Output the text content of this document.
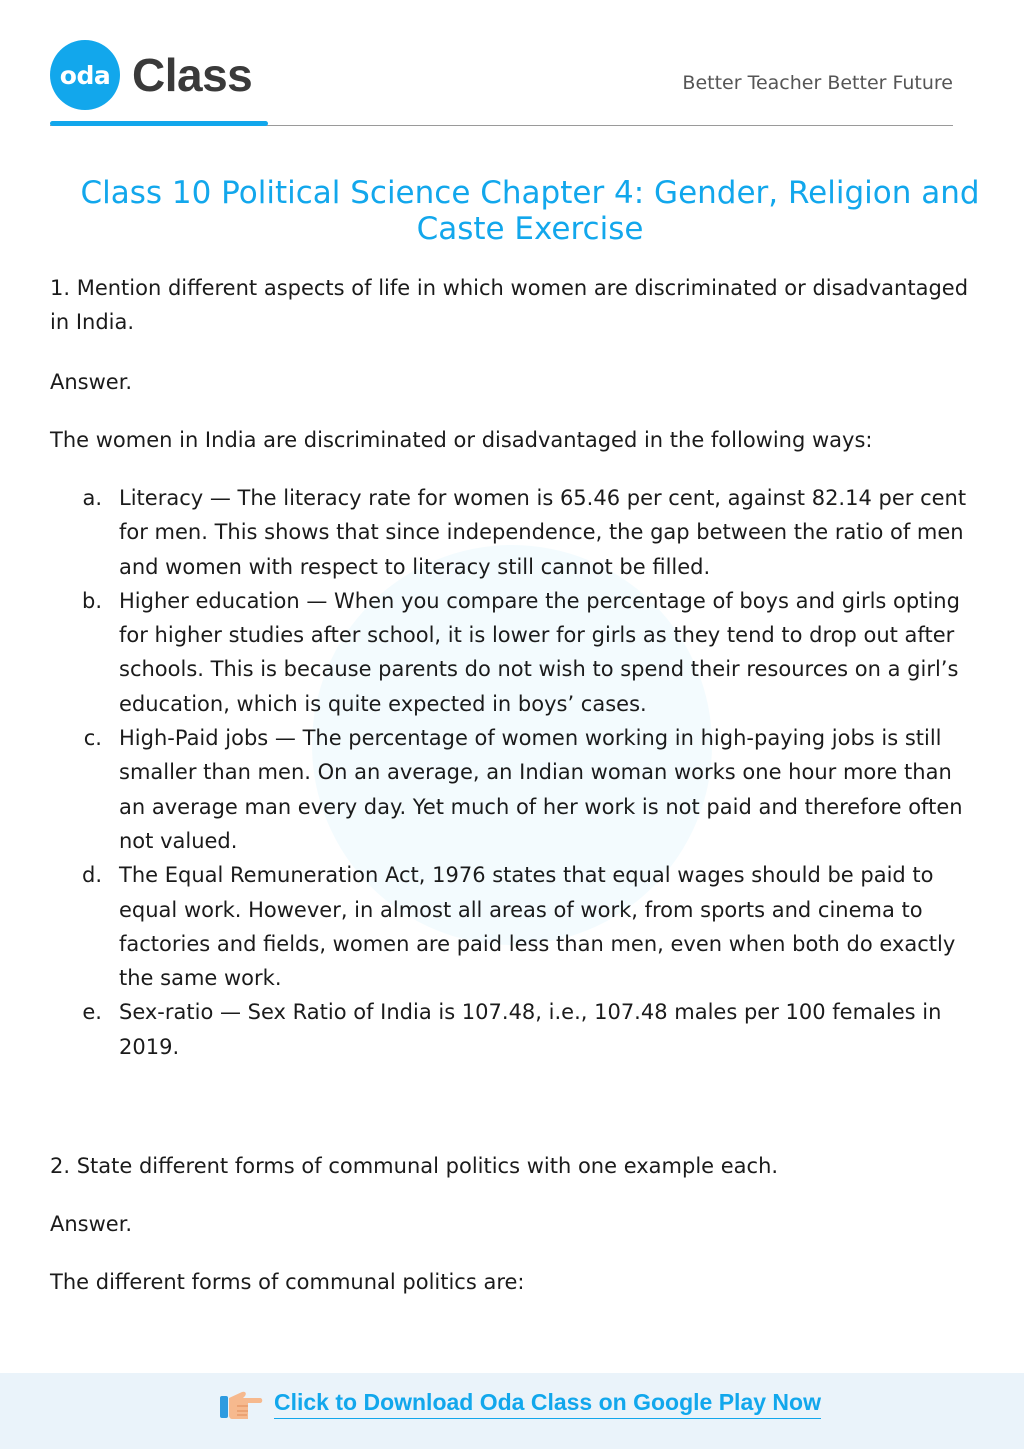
oda Class	Better Teacher Better Future
Class 10 Political Science Chapter 4: Gender, Religion and Caste Exercise

1. Mention different aspects of life in which women are discriminated or disadvantaged in India.

Answer.

The women in India are discriminated or disadvantaged in the following ways:

a. Literacy — The literacy rate for women is 65.46 per cent, against 82.14 per cent for men. This shows that since independence, the gap between the ratio of men and women with respect to literacy still cannot be filled.
b. Higher education — When you compare the percentage of boys and girls opting for higher studies after school, it is lower for girls as they tend to drop out after schools. This is because parents do not wish to spend their resources on a girl’s education, which is quite expected in boys’ cases.
c. High-Paid jobs — The percentage of women working in high-paying jobs is still smaller than men. On an average, an Indian woman works one hour more than an average man every day. Yet much of her work is not paid and therefore often not valued.
d. The Equal Remuneration Act, 1976 states that equal wages should be paid to equal work. However, in almost all areas of work, from sports and cinema to factories and fields, women are paid less than men, even when both do exactly the same work.
e. Sex-ratio — Sex Ratio of India is 107.48, i.e., 107.48 males per 100 females in 2019.

2. State different forms of communal politics with one example each.

Answer.

The different forms of communal politics are:

Click to Download Oda Class on Google Play Now
